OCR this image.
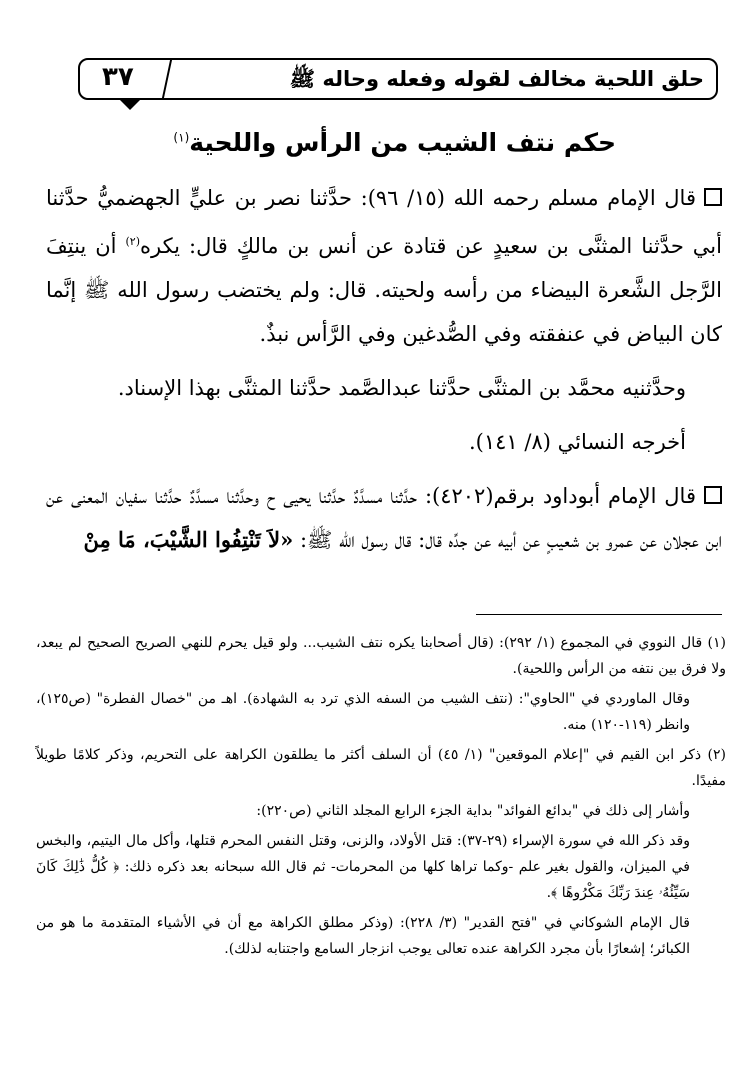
حلق اللحية مخالف لقوله وفعله وحاله ﷺ
٣٧
حكم نتف الشيب من الرأس واللحية$^{(١)}$

قال الإمام مسلم رحمه الله (١٥/ ٩٦): حدَّثنا نصر بن عليٍّ الجهضميُّ حدَّثنا أبي حدَّثنا المثنَّى بن سعيدٍ عن قتادة عن أنس بن مالكٍ قال: يكره$^{(٢)}$ أن ينتِفَ الرَّجل الشَّعرة البيضاء من رأسه ولحيته. قال: ولم يختضب رسول الله ﷺ إنَّما كان البياض في عنفقته وفي الصُّدغين وفي الرَّأس نبذٌ.

وحدَّثنيه محمَّد بن المثنَّى حدَّثنا عبدالصَّمد حدَّثنا المثنَّى بهذا الإسناد.

أخرجه النسائي (٨/ ١٤١).

قال الإمام أبوداود برقم(٤٢٠٢): حدَّثنا مسدَّدٌ حدَّثنا يحيى ح وحدَّثنا مسدَّدٌ حدَّثنا سفيان المعنى عن ابن عجلان عن عمرو بن شعيبٍ عن أبيه عن جدِّه قال: قال رسول الله ﷺ: «لاَ تَنْتِفُوا الشَّيْبَ، مَا مِنْ

(١) قال النووي في المجموع (١/ ٢٩٢): (قال أصحابنا يكره نتف الشيب... ولو قيل يحرم للنهي الصريح الصحيح لم يبعد، ولا فرق بين نتفه من الرأس واللحية).

وقال الماوردي في "الحاوي": (نتف الشيب من السفه الذي ترد به الشهادة). اهـ من "خصال الفطرة" (ص١٢٥)، وانظر (١١٩-١٢٠) منه.

(٢) ذكر ابن القيم في "إعلام الموقعين" (١/ ٤٥) أن السلف أكثر ما يطلقون الكراهة على التحريم، وذكر كلامًا طويلاً مفيدًا.

وأشار إلى ذلك في "بدائع الفوائد" بداية الجزء الرابع المجلد الثاني (ص٢٢٠):

وقد ذكر الله في سورة الإسراء (٢٩-٣٧): قتل الأولاد، والزنى، وقتل النفس المحرم قتلها، وأكل مال اليتيم، والبخس في الميزان، والقول بغير علم -وكما تراها كلها من المحرمات- ثم قال الله سبحانه بعد ذكره ذلك: ﴿ كُلُّ ذَٰلِكَ كَانَ سَيِّئُهُۥ عِندَ رَبِّكَ مَكْرُوهًا ﴾.

قال الإمام الشوكاني في "فتح القدير" (٣/ ٢٢٨): (وذكر مطلق الكراهة مع أن في الأشياء المتقدمة ما هو من الكبائر؛ إشعارًا بأن مجرد الكراهة عنده تعالى يوجب انزجار السامع واجتنابه لذلك).
